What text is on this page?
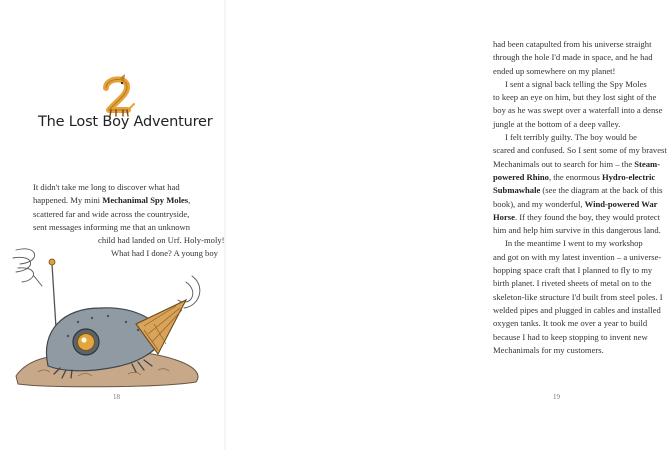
2
The Lost Boy Adventurer
It didn't take me long to discover what had
happened. My mini Mechanimal Spy Moles,
scattered far and wide across the countryside,
sent messages informing me that an unknown
child had landed on Urf. Holy-moly!
What had I done? A young boy
18
had been catapulted from his universe straight
through the hole I'd made in space, and he had
ended up somewhere on my planet!
I sent a signal back telling the Spy Moles
to keep an eye on him, but they lost sight of the
boy as he was swept over a waterfall into a dense
jungle at the bottom of a deep valley.
I felt terribly guilty. The boy would be
scared and confused. So I sent some of my bravest
Mechanimals out to search for him – the Steam-
powered Rhino, the enormous Hydro-electric
Submawhale (see the diagram at the back of this
book), and my wonderful, Wind-powered War
Horse. If they found the boy, they would protect
him and help him survive in this dangerous land.
In the meantime I went to my workshop
and got on with my latest invention – a universe-
hopping space craft that I planned to fly to my
birth planet. I riveted sheets of metal on to the
skeleton-like structure I'd built from steel poles. I
welded pipes and plugged in cables and installed
oxygen tanks. It took me over a year to build
because I had to keep stopping to invent new
Mechanimals for my customers.
19
